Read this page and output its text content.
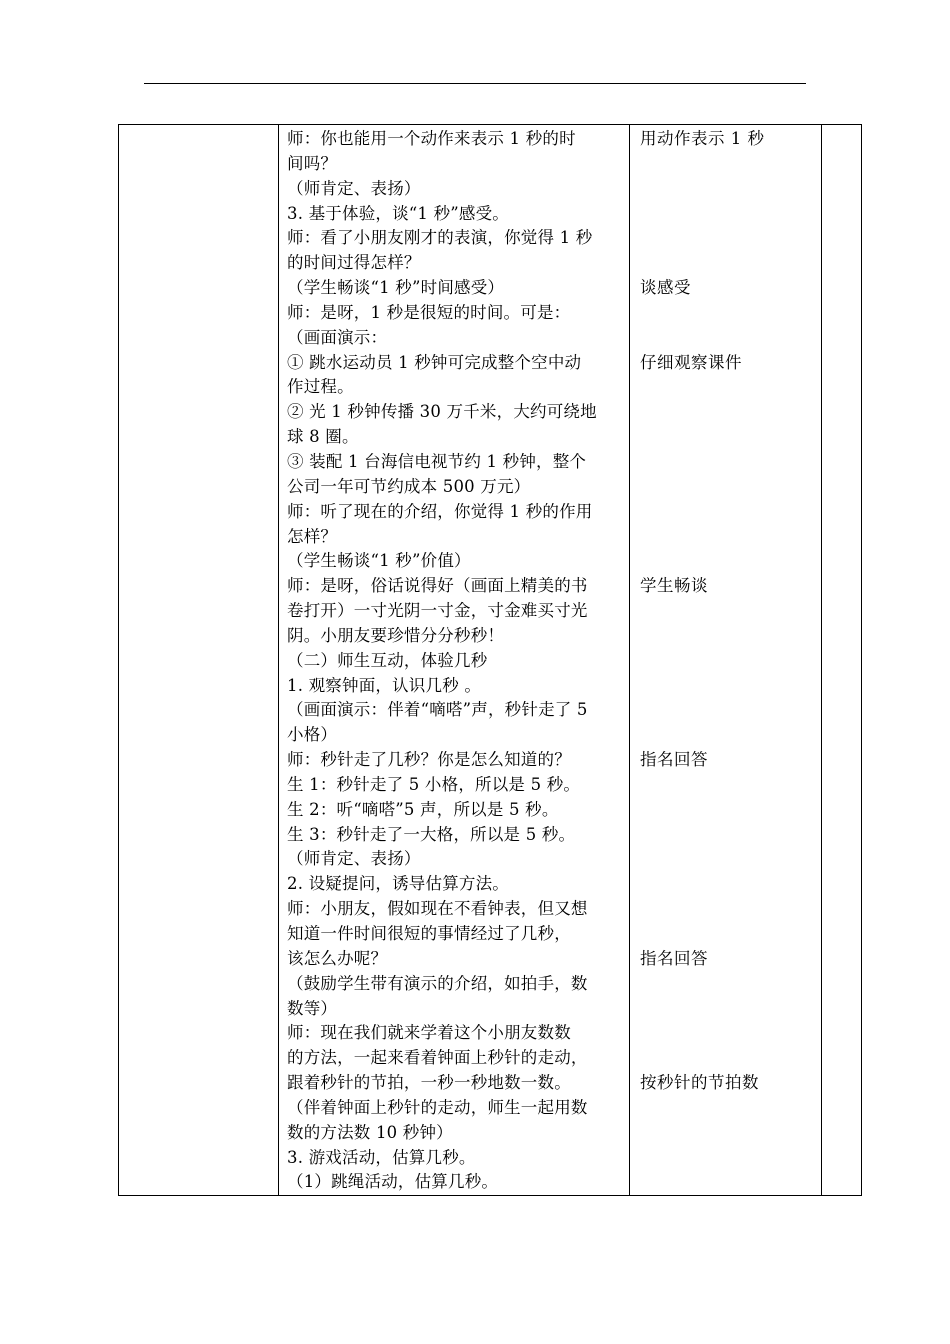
师：你也能用一个动作来表示 1 秒的时
间吗？
（师肯定、表扬）
3. 基于体验，谈“1 秒”感受。
师：看了小朋友刚才的表演，你觉得 1 秒
的时间过得怎样？
（学生畅谈“1 秒”时间感受）
师：是呀，1 秒是很短的时间。可是：
（画面演示：
① 跳水运动员 1 秒钟可完成整个空中动
作过程。
② 光 1 秒钟传播 30 万千米，大约可绕地
球 8 圈。
③ 装配 1 台海信电视节约 1 秒钟，整个
公司一年可节约成本 500 万元）
师：听了现在的介绍，你觉得 1 秒的作用
怎样？
（学生畅谈“1 秒”价值）
师：是呀，俗话说得好（画面上精美的书
卷打开）一寸光阴一寸金，寸金难买寸光
阴。小朋友要珍惜分分秒秒！
（二）师生互动，体验几秒
1. 观察钟面，认识几秒 。
（画面演示：伴着“嘀嗒”声，秒针走了 5
小格）
师：秒针走了几秒？你是怎么知道的？
生 1：秒针走了 5 小格，所以是 5 秒。
生 2：听“嘀嗒”5 声，所以是 5 秒。
生 3：秒针走了一大格，所以是 5 秒。
（师肯定、表扬）
2. 设疑提问，诱导估算方法。
师：小朋友，假如现在不看钟表，但又想
知道一件时间很短的事情经过了几秒，
该怎么办呢？
（鼓励学生带有演示的介绍，如拍手，数
数等）
师：现在我们就来学着这个小朋友数数
的方法，一起来看着钟面上秒针的走动，
跟着秒针的节拍，一秒一秒地数一数。
（伴着钟面上秒针的走动，师生一起用数
数的方法数 10 秒钟）
3. 游戏活动，估算几秒。
（1）跳绳活动，估算几秒。
用动作表示 1 秒
谈感受
仔细观察课件
学生畅谈
指名回答
指名回答
按秒针的节拍数
